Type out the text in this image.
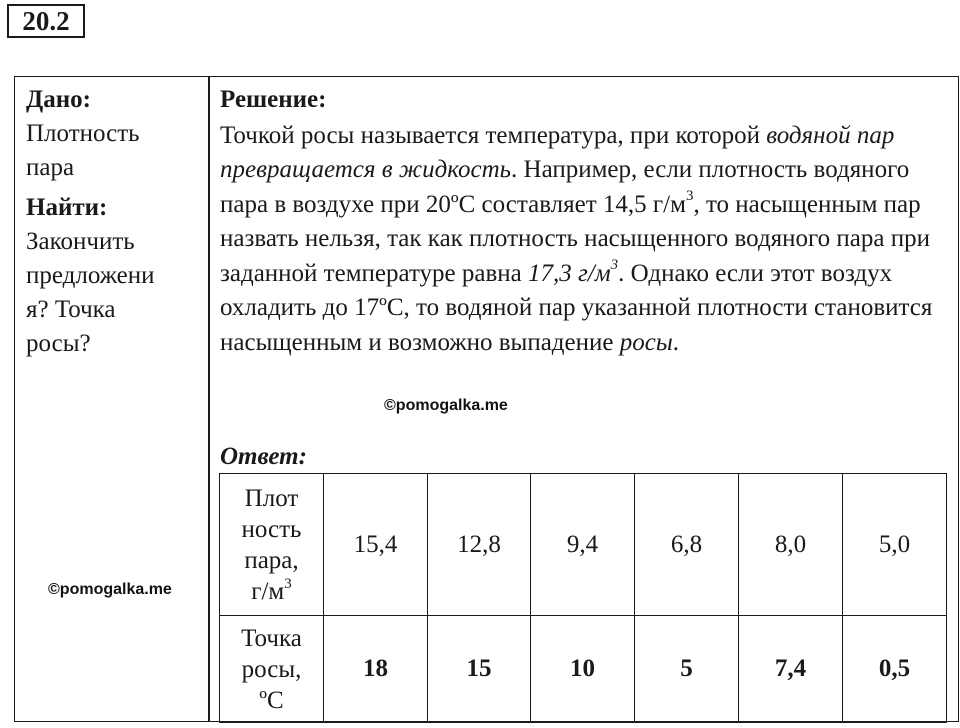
20.2

Дано:

Плотность
пара

Найти:

Закончить
предложени
я? Точка
росы?

Решение:

Точкой росы называется температура, при которой водяной пар превращается в жидкость. Например, если плотность водяного пара в воздухе при 20ºС составляет 14,5 $г/м^3$, то насыщенным пар назвать нельзя, так как плотность насыщенного водяного пара при заданной температуре равна 17,3 $г/м^3$. Однако если этот воздух охладить до 17ºС, то водяной пар указанной плотности становится насыщенным и возможно выпадение росы.

©pomogalka.me
©pomogalka.me
Ответ:
Плот
ность
пара,
$г/м^3$	15,4	12,8	9,4	6,8	8,0	5,0
Точка
росы,
ºС	18	15	10	5	7,4	0,5
